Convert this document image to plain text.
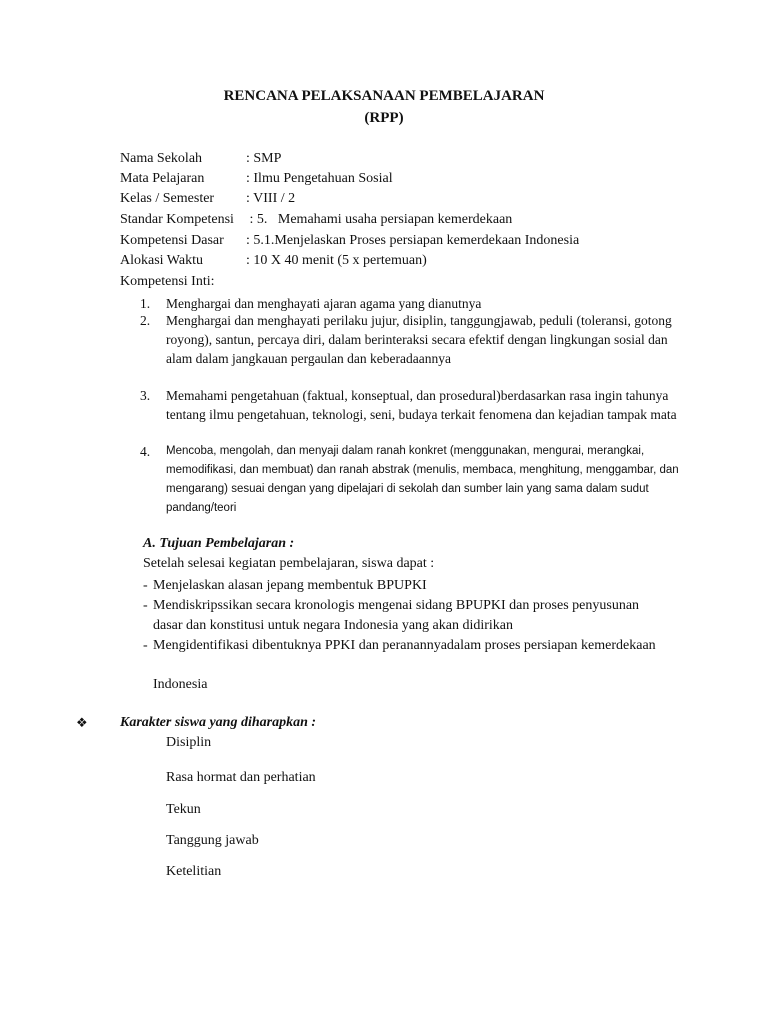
RENCANA PELAKSANAAN PEMBELAJARAN
(RPP)
Nama Sekolah	: SMP
Mata Pelajaran	: Ilmu Pengetahuan Sosial
Kelas / Semester : VIII / 2
Standar Kompetensi : 5.   Memahami usaha persiapan kemerdekaan
Kompetensi Dasar : 5.1.Menjelaskan Proses persiapan kemerdekaan Indonesia
Alokasi Waktu	: 10 X 40 menit (5 x pertemuan)
Kompetensi Inti:
1. Menghargai dan menghayati ajaran agama yang dianutnya
2. Menghargai dan menghayati perilaku jujur, disiplin, tanggungjawab, peduli (toleransi, gotong royong), santun, percaya diri, dalam berinteraksi secara efektif dengan lingkungan sosial dan alam dalam jangkauan pergaulan dan keberadaannya
3. Memahami pengetahuan (faktual, konseptual, dan prosedural)berdasarkan rasa ingin tahunya tentang ilmu pengetahuan, teknologi, seni, budaya terkait fenomena dan kejadian tampak mata
4. Mencoba, mengolah, dan menyaji dalam ranah konkret (menggunakan, mengurai, merangkai, memodifikasi, dan membuat) dan ranah abstrak (menulis, membaca, menghitung, menggambar, dan mengarang) sesuai dengan yang dipelajari di sekolah dan sumber lain yang sama dalam sudut pandang/teori
A. Tujuan Pembelajaran :
Setelah selesai kegiatan pembelajaran, siswa dapat :
- Menjelaskan alasan jepang membentuk BPUPKI
- Mendiskripssikan secara kronologis mengenai sidang BPUPKI dan proses penyusunan dasar dan konstitusi untuk negara Indonesia yang akan didirikan
- Mengidentifikasi dibentuknya PPKI dan peranannyadalam proses persiapan kemerdekaan
Indonesia
❖ Karakter siswa yang diharapkan :
Disiplin
Rasa hormat dan perhatian
Tekun
Tanggung jawab
Ketelitian
